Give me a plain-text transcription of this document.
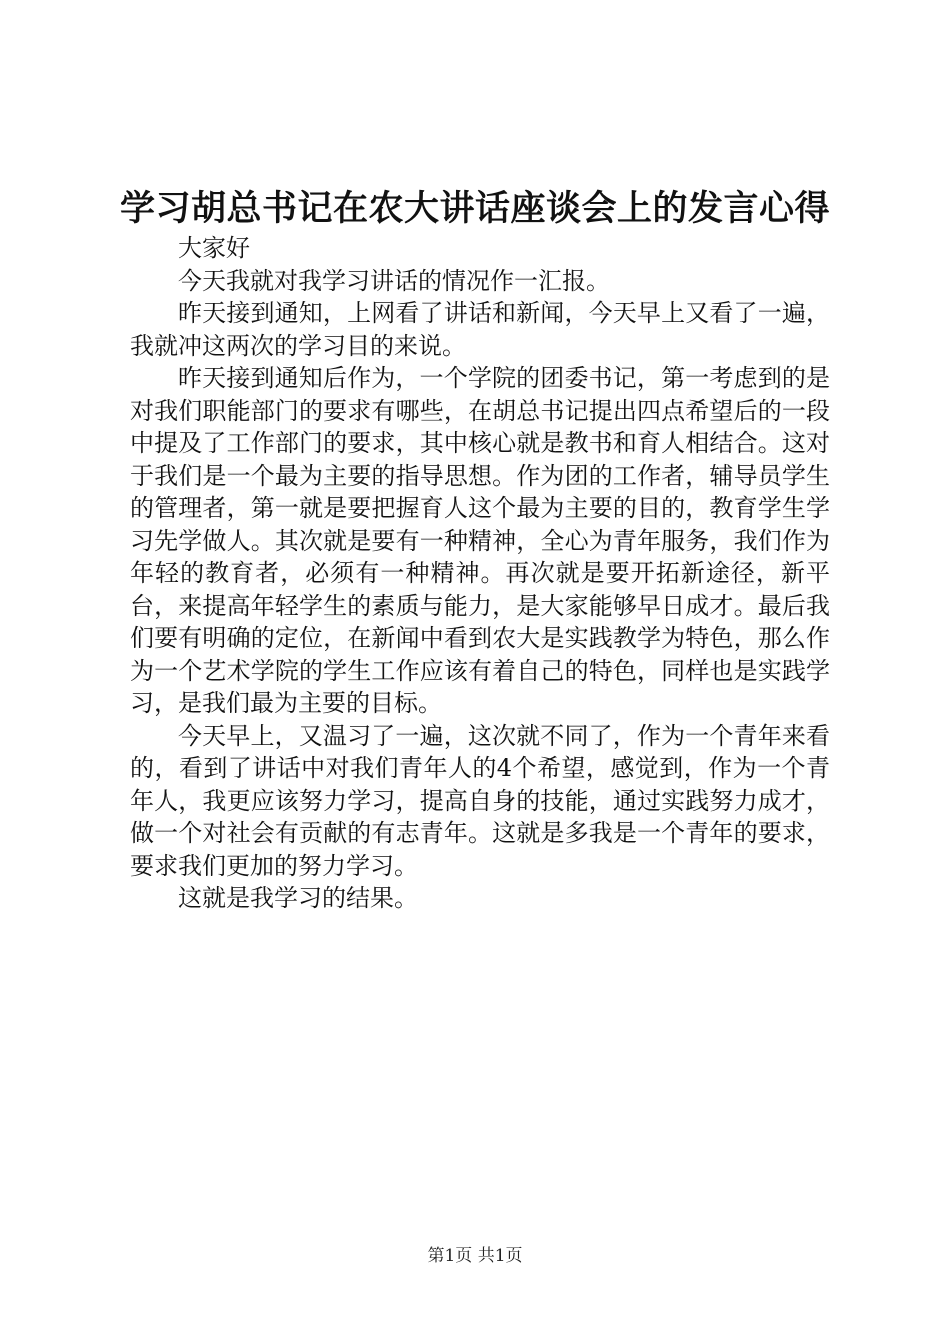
学习胡总书记在农大讲话座谈会上的发言心得

大家好

今天我就对我学习讲话的情况作一汇报。

昨天接到通知，上网看了讲话和新闻，今天早上又看了一遍，我就冲这两次的学习目的来说。

昨天接到通知后作为，一个学院的团委书记，第一考虑到的是对我们职能部门的要求有哪些，在胡总书记提出四点希望后的一段中提及了工作部门的要求，其中核心就是教书和育人相结合。这对于我们是一个最为主要的指导思想。作为团的工作者，辅导员学生的管理者，第一就是要把握育人这个最为主要的目的，教育学生学习先学做人。其次就是要有一种精神，全心为青年服务，我们作为年轻的教育者，必须有一种精神。再次就是要开拓新途径，新平台，来提高年轻学生的素质与能力，是大家能够早日成才。最后我们要有明确的定位，在新闻中看到农大是实践教学为特色，那么作为一个艺术学院的学生工作应该有着自己的特色，同样也是实践学习，是我们最为主要的目标。

今天早上，又温习了一遍，这次就不同了，作为一个青年来看的，看到了讲话中对我们青年人的4个希望，感觉到，作为一个青年人，我更应该努力学习，提高自身的技能，通过实践努力成才，做一个对社会有贡献的有志青年。这就是多我是一个青年的要求，要求我们更加的努力学习。

这就是我学习的结果。

第1页 共1页
